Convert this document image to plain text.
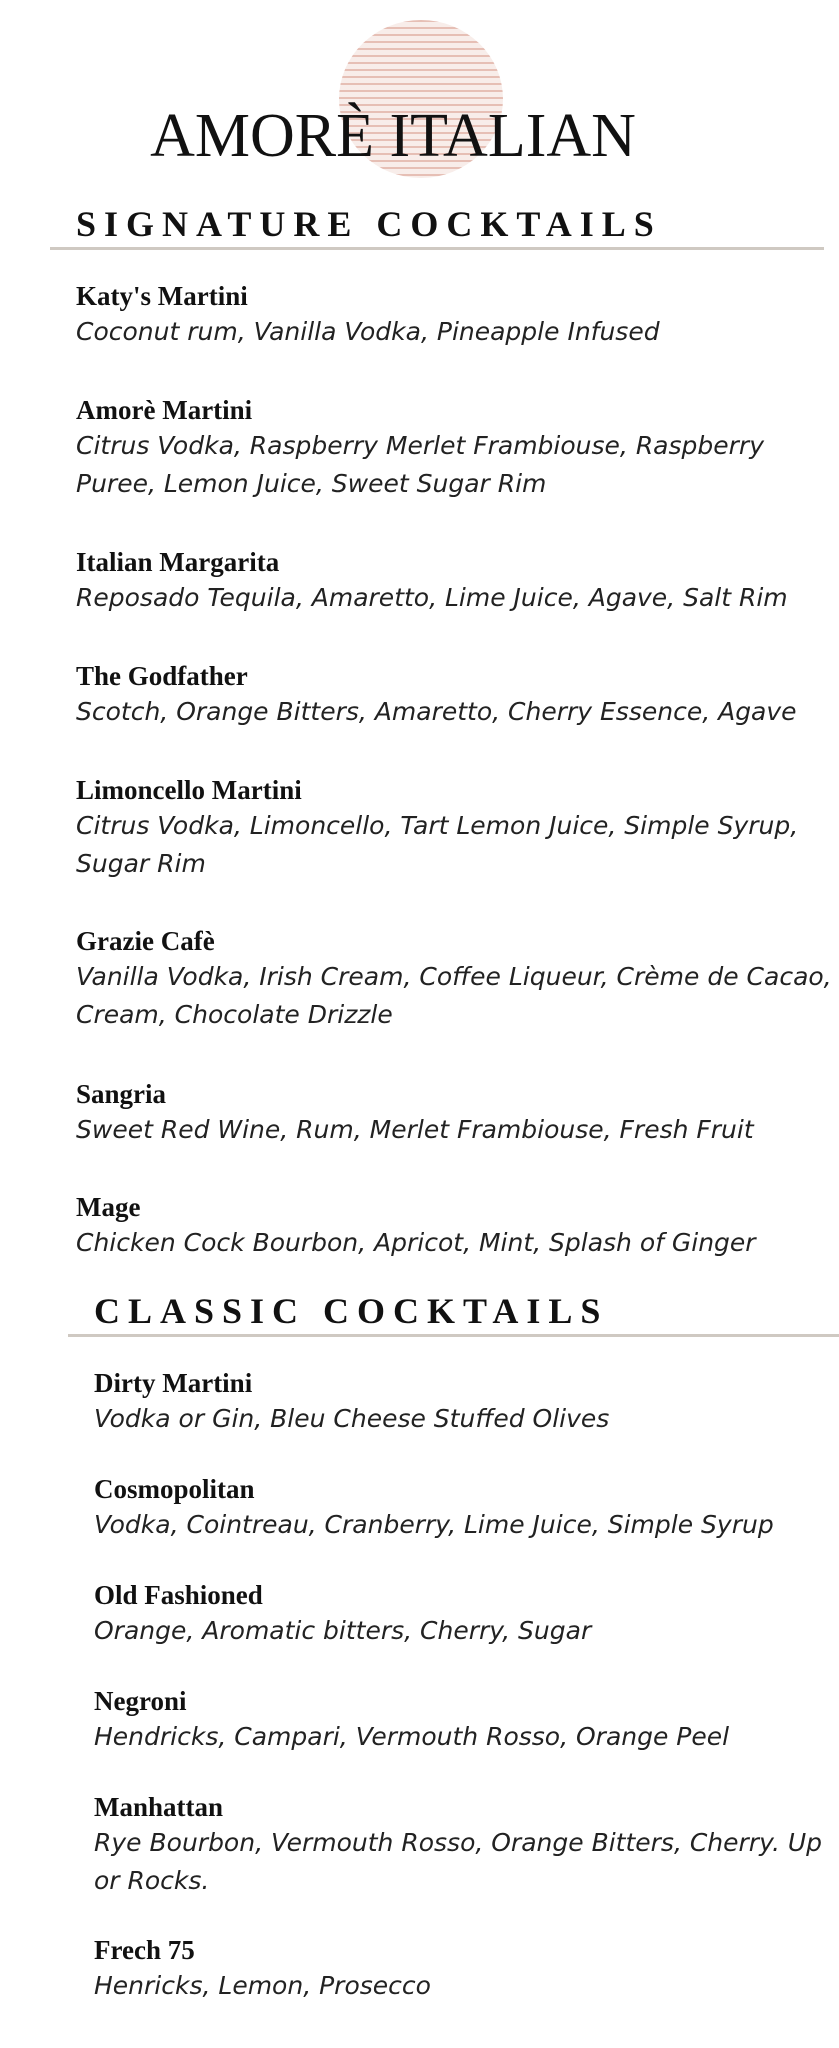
AMORÈ ITALIAN
SIGNATURE COCKTAILS

Katy's Martini

Coconut rum, Vanilla Vodka, Pineapple Infused

Amorè Martini

Citrus Vodka, Raspberry Merlet Frambiouse, Raspberry Puree, Lemon Juice, Sweet Sugar Rim

Italian Margarita

Reposado Tequila, Amaretto, Lime Juice, Agave, Salt Rim

The Godfather

Scotch, Orange Bitters, Amaretto, Cherry Essence, Agave

Limoncello Martini

Citrus Vodka, Limoncello, Tart Lemon Juice, Simple Syrup, Sugar Rim

Grazie Cafè

Vanilla Vodka, Irish Cream, Coffee Liqueur, Crème de Cacao, Cream, Chocolate Drizzle

Sangria

Sweet Red Wine, Rum, Merlet Frambiouse, Fresh Fruit

Mage

Chicken Cock Bourbon, Apricot, Mint, Splash of Ginger

CLASSIC COCKTAILS

Dirty Martini

Vodka or Gin, Bleu Cheese Stuffed Olives

Cosmopolitan

Vodka, Cointreau, Cranberry, Lime Juice, Simple Syrup

Old Fashioned

Orange, Aromatic bitters, Cherry, Sugar

Negroni

Hendricks, Campari, Vermouth Rosso, Orange Peel

Manhattan

Rye Bourbon, Vermouth Rosso, Orange Bitters, Cherry. Up or Rocks.

Frech 75

Henricks, Lemon, Prosecco
